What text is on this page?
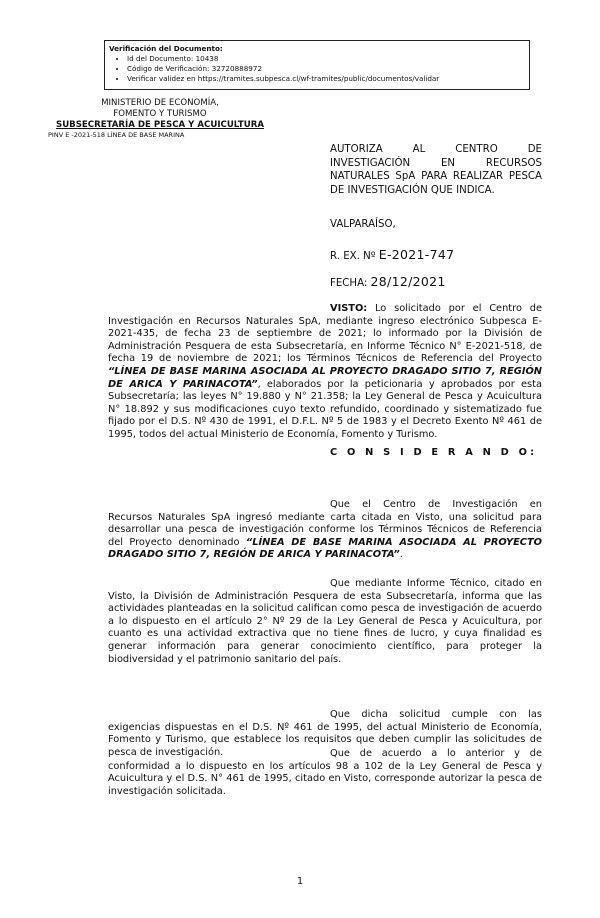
Verificación del Documento:
• Id del Documento: 10438
• Código de Verificación: 32720888972
• Verificar validez en https://tramites.subpesca.cl/wf-tramites/public/documentos/validar
MINISTERIO DE ECONOMÍA,
FOMENTO Y TURISMO
SUBSECRETARÍA DE PESCA Y ACUICULTURA
PINV E -2021-518 LÍNEA DE BASE MARINA
AUTORIZA AL CENTRO DE INVESTIGACIÓN EN RECURSOS NATURALES SpA PARA REALIZAR PESCA DE INVESTIGACIÓN QUE INDICA.
VALPARAÍSO,
R. EX. Nº E-2021-747
FECHA: 28/12/2021

VISTO: Lo solicitado por el Centro de Investigación en Recursos Naturales SpA, mediante ingreso electrónico Subpesca E-2021-435, de fecha 23 de septiembre de 2021; lo informado por la División de Administración Pesquera de esta Subsecretaría, en Informe Técnico N° E-2021-518, de fecha 19 de noviembre de 2021; los Términos Técnicos de Referencia del Proyecto “LÍNEA DE BASE MARINA ASOCIADA AL PROYECTO DRAGADO SITIO 7, REGIÓN DE ARICA Y PARINACOTA”, elaborados por la peticionaria y aprobados por esta Subsecretaría; las leyes N° 19.880 y N° 21.358; la Ley General de Pesca y Acuicultura N° 18.892 y sus modificaciones cuyo texto refundido, coordinado y sistematizado fue fijado por el D.S. Nº 430 de 1991, el D.F.L. Nº 5 de 1983 y el Decreto Exento Nº 461 de 1995, todos del actual Ministerio de Economía, Fomento y Turismo.

C O N S I D E R A N D O:

Que el Centro de Investigación en Recursos Naturales SpA ingresó mediante carta citada en Visto, una solicitud para desarrollar una pesca de investigación conforme los Términos Técnicos de Referencia del Proyecto denominado “LÍNEA DE BASE MARINA ASOCIADA AL PROYECTO DRAGADO SITIO 7, REGIÓN DE ARICA Y PARINACOTA”.

Que mediante Informe Técnico, citado en Visto, la División de Administración Pesquera de esta Subsecretaría, informa que las actividades planteadas en la solicitud califican como pesca de investigación de acuerdo a lo dispuesto en el artículo 2° Nº 29 de la Ley General de Pesca y Acuicultura, por cuanto es una actividad extractiva que no tiene fines de lucro, y cuya finalidad es generar información para generar conocimiento científico, para proteger la biodiversidad y el patrimonio sanitario del país.

Que dicha solicitud cumple con las exigencias dispuestas en el D.S. Nº 461 de 1995, del actual Ministerio de Economía, Fomento y Turismo, que establece los requisitos que deben cumplir las solicitudes de pesca de investigación.	Que de acuerdo a lo anterior y de conformidad a lo dispuesto en los artículos 98 a 102 de la Ley General de Pesca y Acuicultura y el D.S. N° 461 de 1995, citado en Visto, corresponde autorizar la pesca de investigación solicitada.

1
